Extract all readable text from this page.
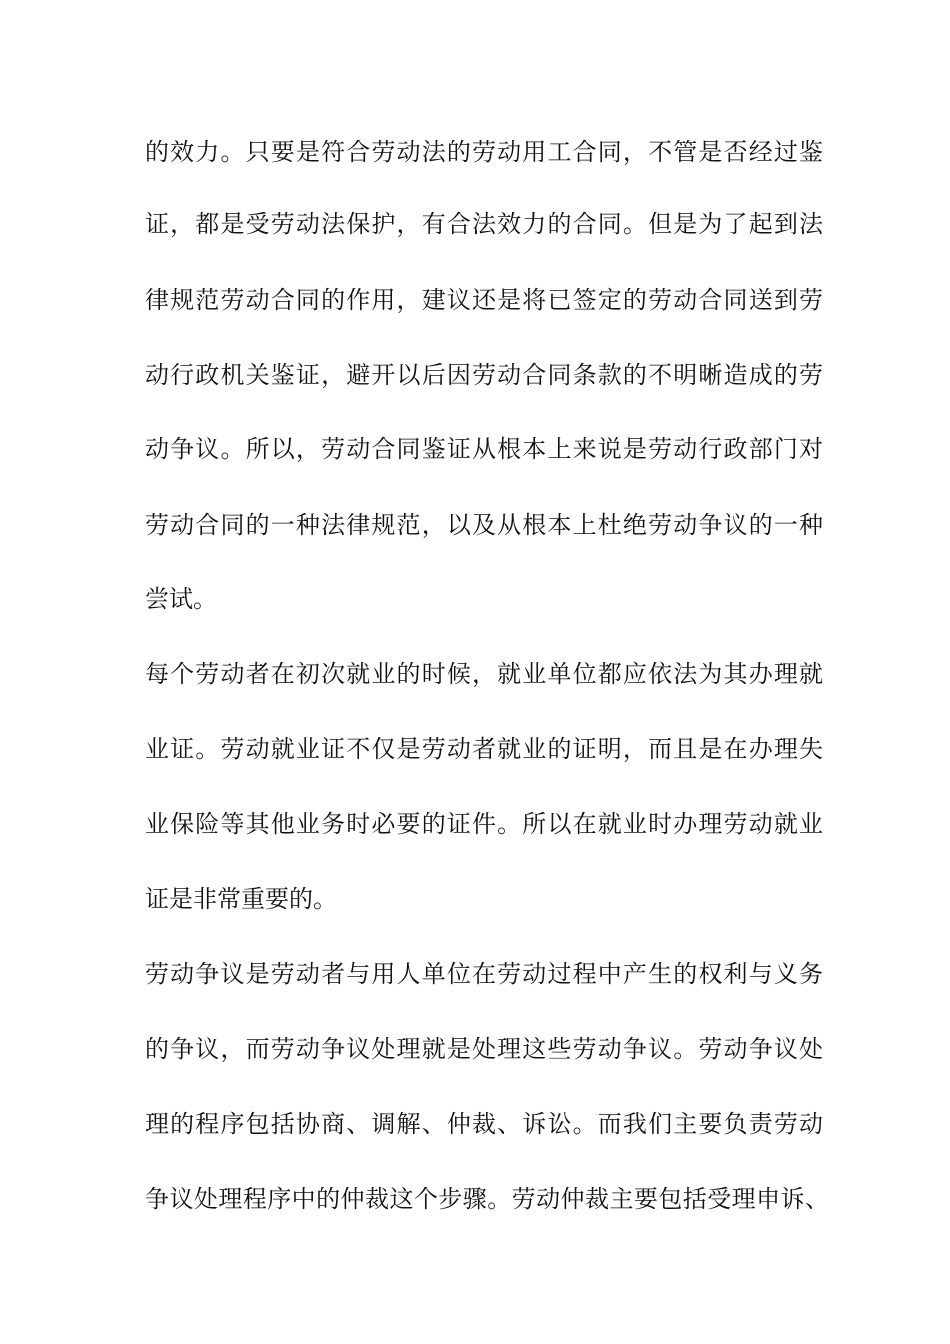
的效力。只要是符合劳动法的劳动用工合同，不管是否经过鉴

证，都是受劳动法保护，有合法效力的合同。但是为了起到法

律规范劳动合同的作用，建议还是将已签定的劳动合同送到劳

动行政机关鉴证，避开以后因劳动合同条款的不明晰造成的劳

动争议。所以，劳动合同鉴证从根本上来说是劳动行政部门对

劳动合同的一种法律规范，以及从根本上杜绝劳动争议的一种

尝试。

每个劳动者在初次就业的时候，就业单位都应依法为其办理就

业证。劳动就业证不仅是劳动者就业的证明，而且是在办理失

业保险等其他业务时必要的证件。所以在就业时办理劳动就业

证是非常重要的。

劳动争议是劳动者与用人单位在劳动过程中产生的权利与义务

的争议，而劳动争议处理就是处理这些劳动争议。劳动争议处

理的程序包括协商、调解、仲裁、诉讼。而我们主要负责劳动

争议处理程序中的仲裁这个步骤。劳动仲裁主要包括受理申诉、
